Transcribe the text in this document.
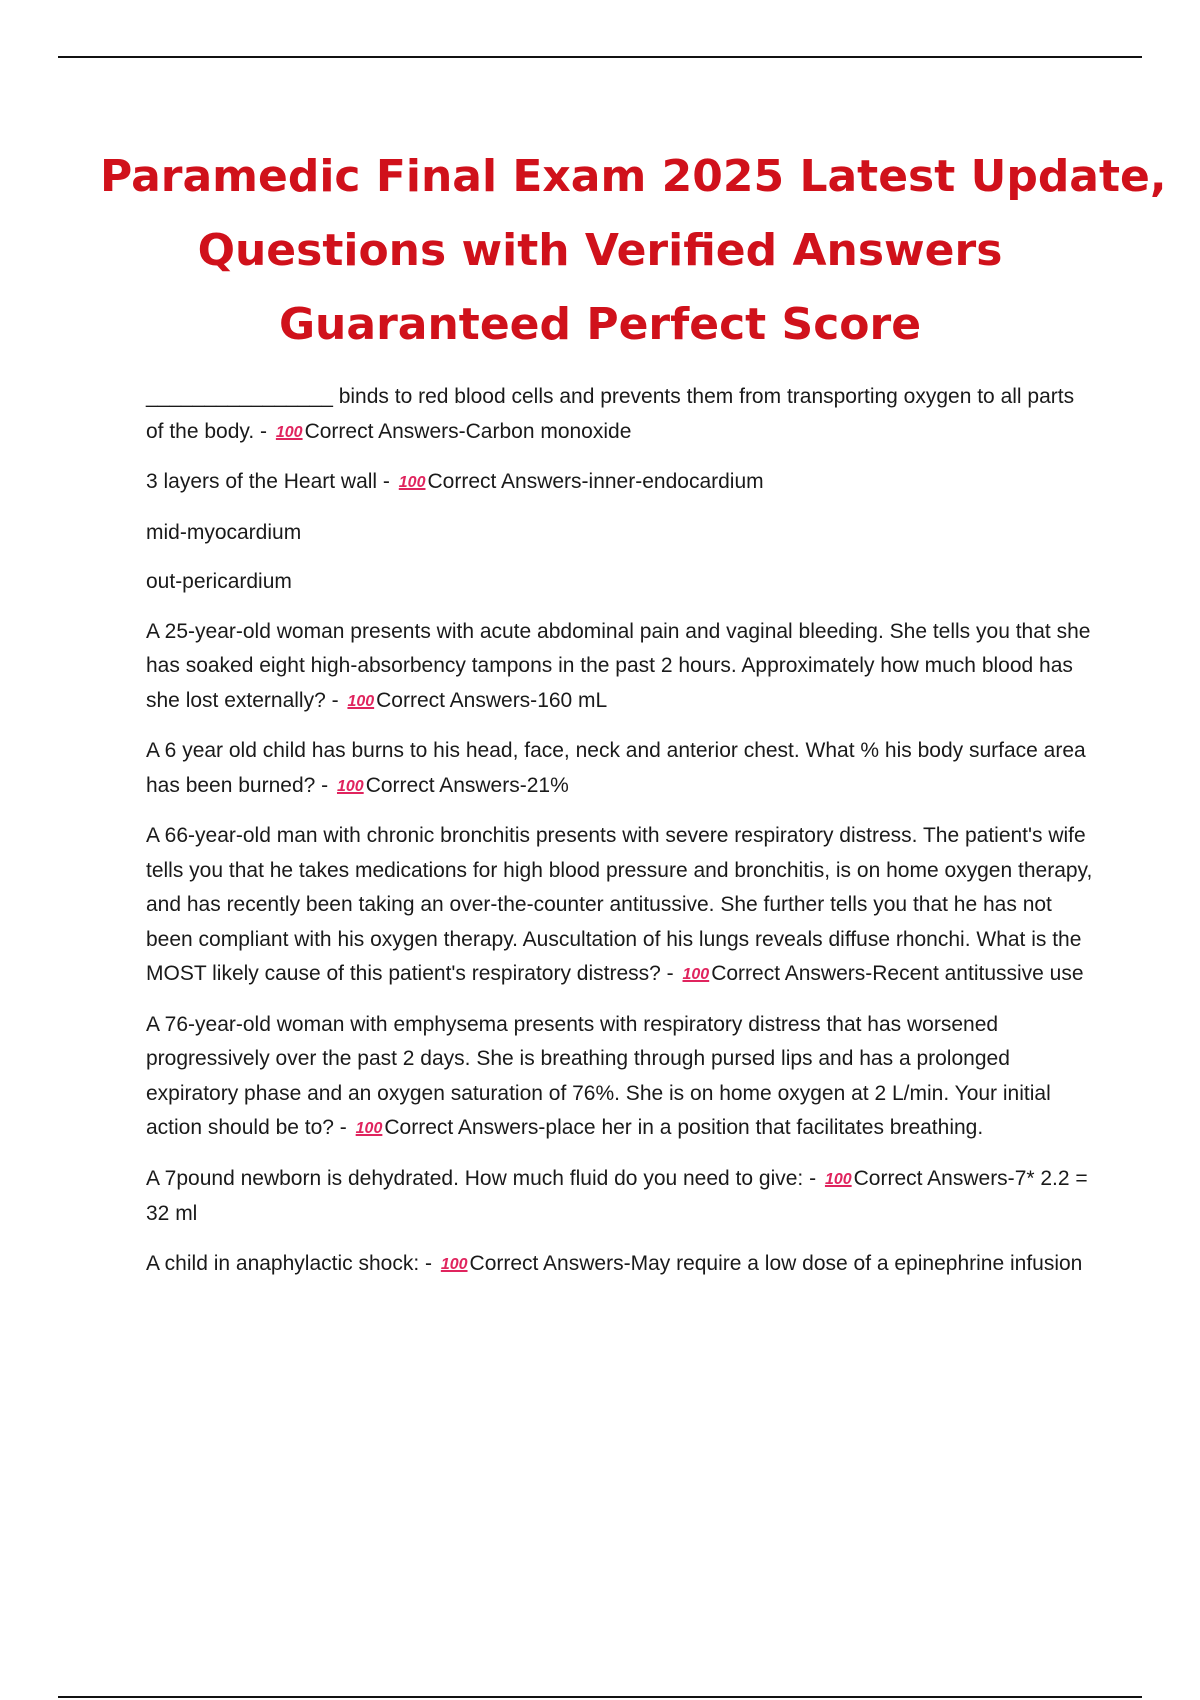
Paramedic Final Exam 2025 Latest Update,
Questions with Verified Answers
Guaranteed Perfect Score

________________ binds to red blood cells and prevents them from transporting oxygen to all parts of the body. - 100Correct Answers-Carbon monoxide

3 layers of the Heart wall - 100Correct Answers-inner-endocardium

mid-myocardium

out-pericardium

A 25-year-old woman presents with acute abdominal pain and vaginal bleeding. She tells you that she has soaked eight high-absorbency tampons in the past 2 hours. Approximately how much blood has she lost externally? - 100Correct Answers-160 mL

A 6 year old child has burns to his head, face, neck and anterior chest. What % his body surface area has been burned? - 100Correct Answers-21%

A 66-year-old man with chronic bronchitis presents with severe respiratory distress. The patient's wife tells you that he takes medications for high blood pressure and bronchitis, is on home oxygen therapy, and has recently been taking an over-the-counter antitussive. She further tells you that he has not been compliant with his oxygen therapy. Auscultation of his lungs reveals diffuse rhonchi. What is the MOST likely cause of this patient's respiratory distress? - 100Correct Answers-Recent antitussive use

A 76-year-old woman with emphysema presents with respiratory distress that has worsened progressively over the past 2 days. She is breathing through pursed lips and has a prolonged expiratory phase and an oxygen saturation of 76%. She is on home oxygen at 2 L/min. Your initial action should be to? - 100Correct Answers-place her in a position that facilitates breathing.

A 7pound newborn is dehydrated. How much fluid do you need to give: - 100Correct Answers-7* 2.2 = 32 ml

A child in anaphylactic shock: - 100Correct Answers-May require a low dose of a epinephrine infusion
